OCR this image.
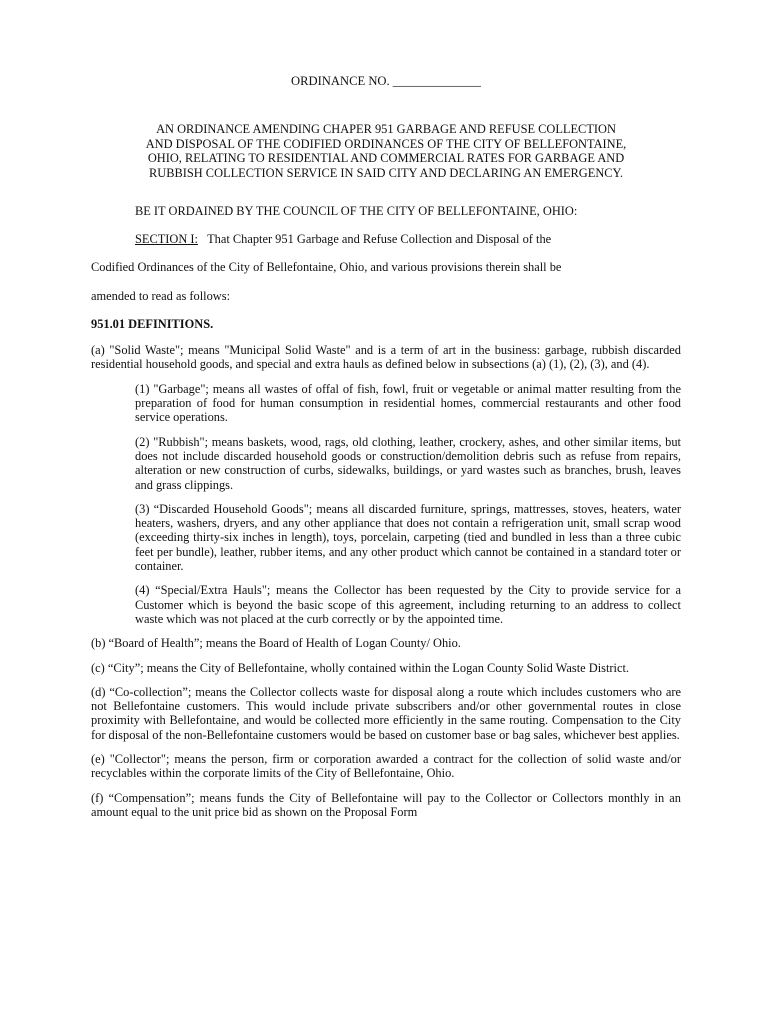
ORDINANCE NO. ______________
AN ORDINANCE AMENDING CHAPER 951 GARBAGE AND REFUSE COLLECTION
AND DISPOSAL OF THE CODIFIED ORDINANCES OF THE CITY OF BELLEFONTAINE,
OHIO, RELATING TO RESIDENTIAL AND COMMERCIAL RATES FOR GARBAGE AND
RUBBISH COLLECTION SERVICE IN SAID CITY AND DECLARING AN EMERGENCY.
BE IT ORDAINED BY THE COUNCIL OF THE CITY OF BELLEFONTAINE, OHIO:
SECTION I: That Chapter 951 Garbage and Refuse Collection and Disposal of the
Codified Ordinances of the City of Bellefontaine, Ohio, and various provisions therein shall be
amended to read as follows:
951.01 DEFINITIONS.
(a) "Solid Waste"; means "Municipal Solid Waste" and is a term of art in the business: garbage, rubbish discarded residential household goods, and special and extra hauls as defined below in subsections (a) (1), (2), (3), and (4).
(1) "Garbage"; means all wastes of offal of fish, fowl, fruit or vegetable or animal matter resulting from the preparation of food for human consumption in residential homes, commercial restaurants and other food service operations.
(2) "Rubbish"; means baskets, wood, rags, old clothing, leather, crockery, ashes, and other similar items, but does not include discarded household goods or construction/demolition debris such as refuse from repairs, alteration or new construction of curbs, sidewalks, buildings, or yard wastes such as branches, brush, leaves and grass clippings.
(3) “Discarded Household Goods"; means all discarded furniture, springs, mattresses, stoves, heaters, water heaters, washers, dryers, and any other appliance that does not contain a refrigeration unit, small scrap wood (exceeding thirty-six inches in length), toys, porcelain, carpeting (tied and bundled in less than a three cubic feet per bundle), leather, rubber items, and any other product which cannot be contained in a standard toter or container.
(4) “Special/Extra Hauls"; means the Collector has been requested by the City to provide service for a Customer which is beyond the basic scope of this agreement, including returning to an address to collect waste which was not placed at the curb correctly or by the appointed time.
(b) “Board of Health”; means the Board of Health of Logan County/ Ohio.
(c) “City”; means the City of Bellefontaine, wholly contained within the Logan County Solid Waste District.
(d) “Co-collection”; means the Collector collects waste for disposal along a route which includes customers who are not Bellefontaine customers. This would include private subscribers and/or other governmental routes in close proximity with Bellefontaine, and would be collected more efficiently in the same routing. Compensation to the City for disposal of the non-Bellefontaine customers would be based on customer base or bag sales, whichever best applies.
(e) "Collector"; means the person, firm or corporation awarded a contract for the collection of solid waste and/or recyclables within the corporate limits of the City of Bellefontaine, Ohio.
(f) “Compensation”; means funds the City of Bellefontaine will pay to the Collector or Collectors monthly in an amount equal to the unit price bid as shown on the Proposal Form
